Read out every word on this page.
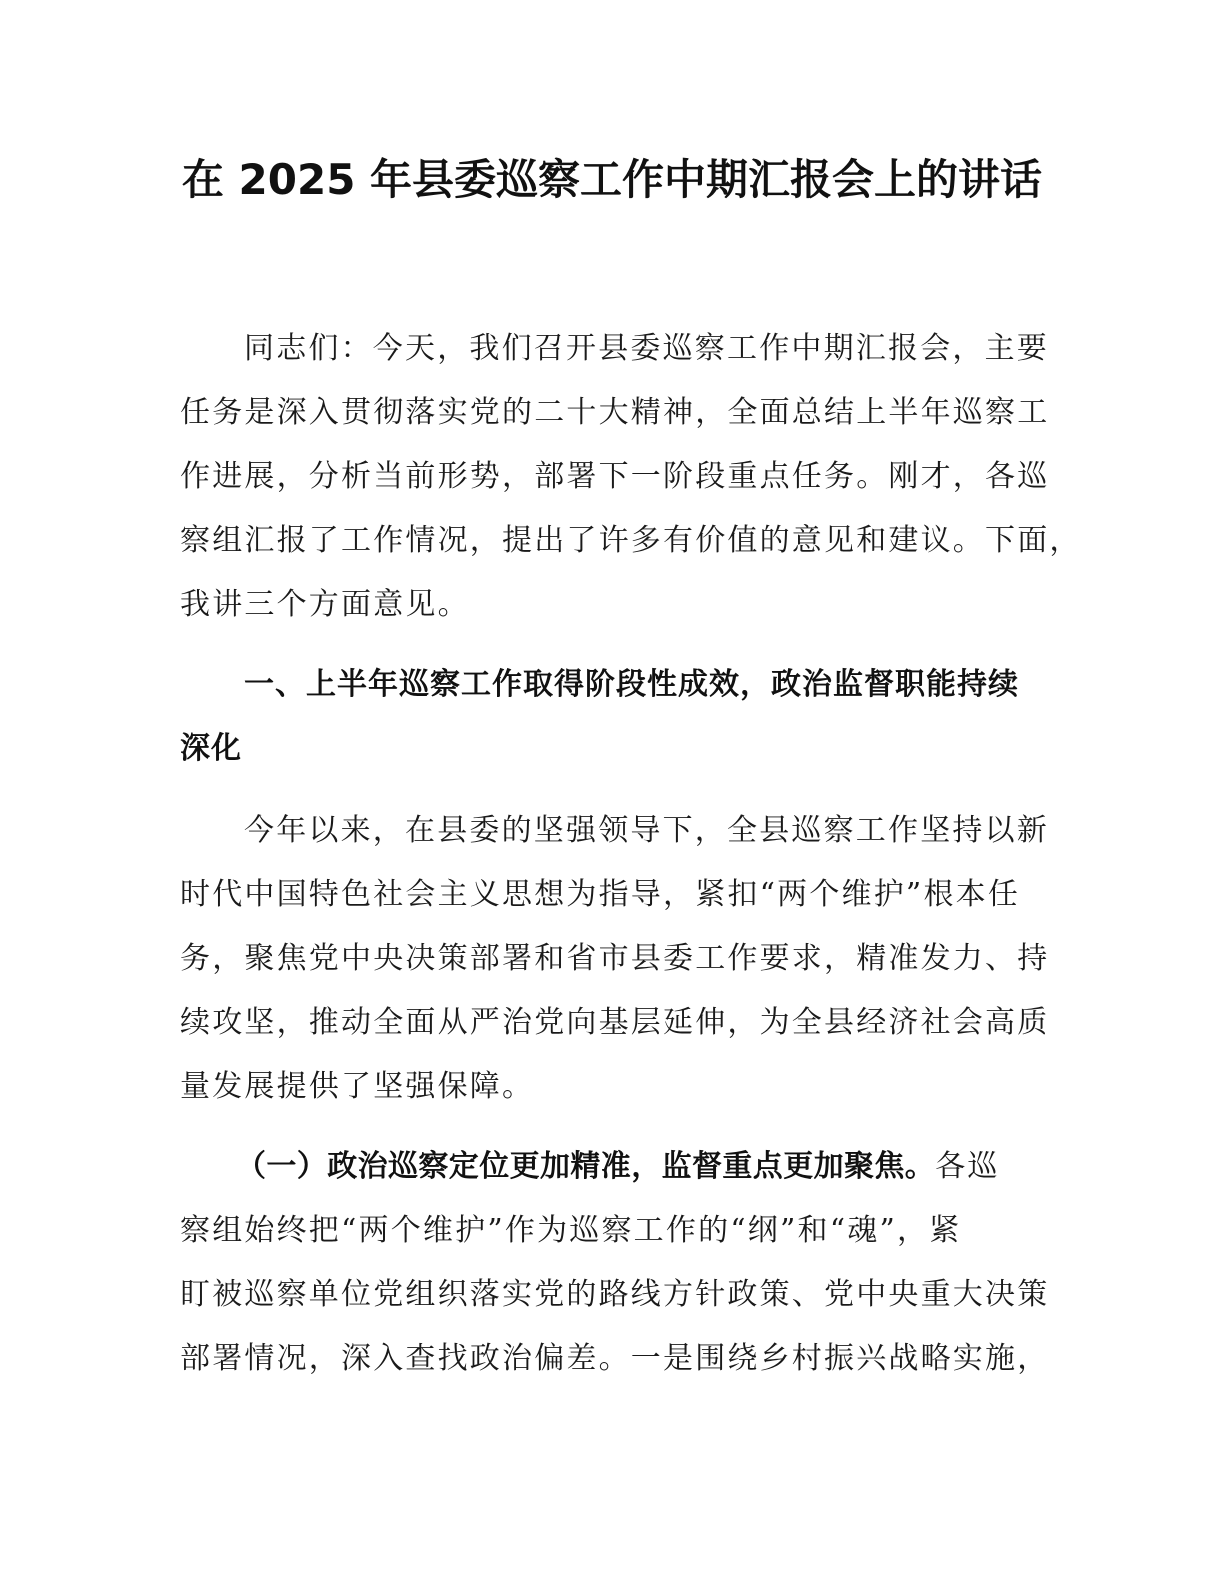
在 2025 年县委巡察工作中期汇报会上的讲话
同志们：今天，我们召开县委巡察工作中期汇报会，主要
任务是深入贯彻落实党的二十大精神，全面总结上半年巡察工
作进展，分析当前形势，部署下一阶段重点任务。刚才，各巡
察组汇报了工作情况，提出了许多有价值的意见和建议。下面，
我讲三个方面意见。
一、上半年巡察工作取得阶段性成效，政治监督职能持续
深化
今年以来，在县委的坚强领导下，全县巡察工作坚持以新
时代中国特色社会主义思想为指导，紧扣“两个维护”根本任
务，聚焦党中央决策部署和省市县委工作要求，精准发力、持
续攻坚，推动全面从严治党向基层延伸，为全县经济社会高质
量发展提供了坚强保障。
（一）政治巡察定位更加精准，监督重点更加聚焦。各巡
察组始终把“两个维护”作为巡察工作的“纲”和“魂”，紧
盯被巡察单位党组织落实党的路线方针政策、党中央重大决策
部署情况，深入查找政治偏差。一是围绕乡村振兴战略实施，
